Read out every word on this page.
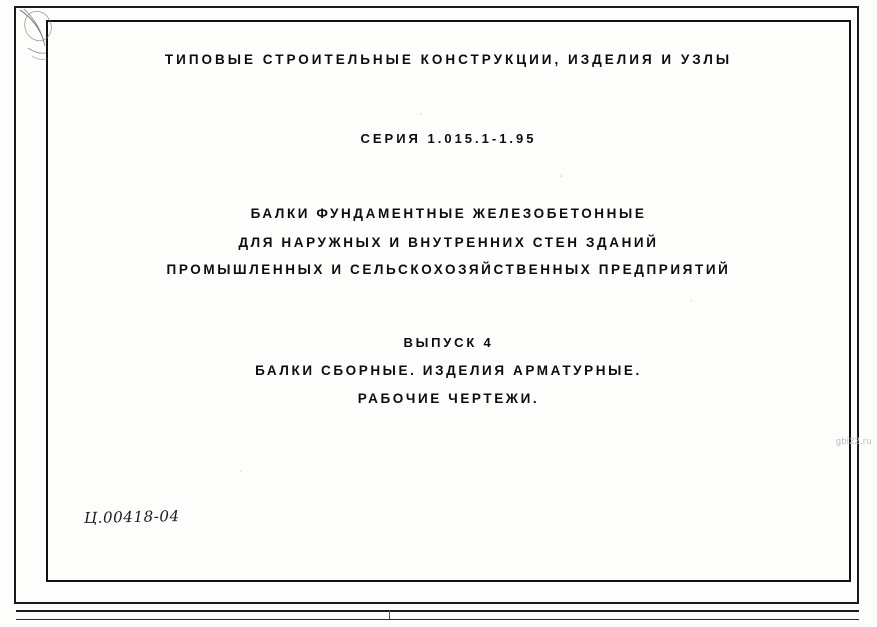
ТИПОВЫЕ СТРОИТЕЛЬНЫЕ КОНСТРУКЦИИ, ИЗДЕЛИЯ И УЗЛЫ
СЕРИЯ 1.015.1-1.95
БАЛКИ ФУНДАМЕНТНЫЕ ЖЕЛЕЗОБЕТОННЫЕ
ДЛЯ НАРУЖНЫХ И ВНУТРЕННИХ СТЕН ЗДАНИЙ
ПРОМЫШЛЕННЫХ И СЕЛЬСКОХОЗЯЙСТВЕННЫХ ПРЕДПРИЯТИЙ
ВЫПУСК 4
БАЛКИ СБОРНЫЕ. ИЗДЕЛИЯ АРМАТУРНЫЕ.
РАБОЧИЕ ЧЕРТЕЖИ.
Ц.00418-04
gbi22.ru
